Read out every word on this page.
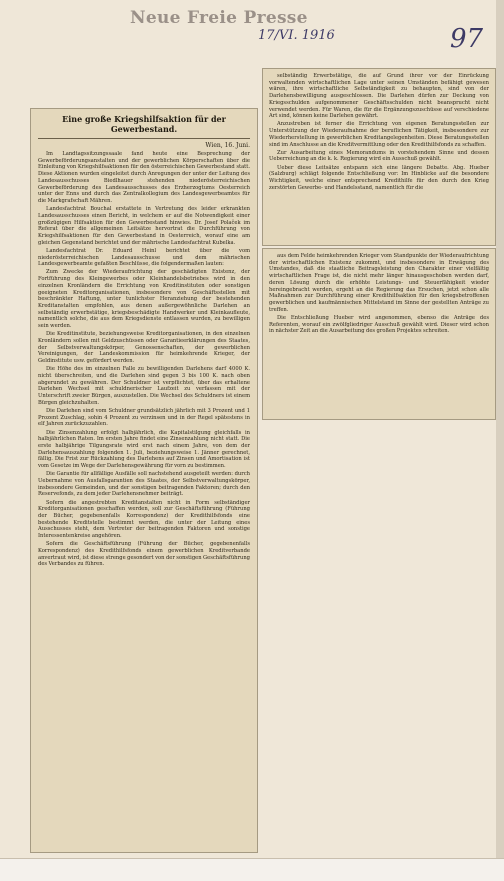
Neue Freie Presse
17/VI. 1916	97
Eine große Kriegshilfsaktion für der Gewerbestand.
Wien, 16. Juni.

Im Landtagssitzungssaale fand heute eine Besprechung der Gewerbeförderungsanstalten und der gewerblichen Körperschaften über die Einleitung von Kriegshilfsaktionen für den österreichischen Gewerbestand statt. Diese Aktionen wurden eingeleitet durch Anregungen der unter der Leitung des Landesausschusses Biedlhauer stehenden niederösterreichischen Gewerbeförderung des Landesausschusses des Erzherzogtums Oesterreich unter der Enns und durch das Zentralkollegium des Landesgewerbeamtes für die Markgrafschaft Mähren.

Landesfachtrat Bouchal erstattete in Vertretung des leider erkrankten Landesausschusses einen Bericht, in welchem er auf die Notwendigkeit einer großzügigen Hilfsaktion für den Gewerbestand hinwies. Dr. Josef Polaček im Referat über die allgemeinen Leitsätze hervortrat die Durchführung von Kriegshilfsaktionen für den Gewerbestand in Oesterreich, worauf eine am gleichen Gegenstand berichtet und der mährische Landesfachtrat Kubelka.

Landesfachtrat Dr. Eduard Heinl berichtet über die vom niederösterreichischen Landesausschusse und dem mährischen Landesgewerbeamte gefaßten Beschlüsse, die folgendermaßen lauten:

Zum Zwecke der Wiederaufrichtung der geschädigten Existenz, der Fortführung des Kleingewerbes oder Kleinhandelsbetriebes wird in den einzelnen Kronländern die Errichtung von Kreditinstituten oder sonstigen geeigneten Kreditorganisationen, insbesondere von Geschäftsstellen mit beschränkter Haftung, unter tunlichster Heranziehung der bestehenden Kreditanstalten empfohlen, aus denen außergewöhnliche Darlehen an selbständig erwerbstätige, kriegsbeschädigte Handwerker und Kleinkaufleute, namentlich solche, die aus dem Kriegsdienste entlassen wurden, zu bewilligen sein werden.

Die Kreditinstitute, beziehungsweise Kreditorganisationen, in den einzelnen Kronländern sollen mit Geldzuschüssen oder Garantieerklärungen des Staates, der Selbstverwaltungskörper, Genossenschaften, der gewerblichen Vereinigungen, der Landeskommission für heimkehrende Krieger, der Geldinstitute usw. gefördert werden.

Die Höhe des im einzelnen Falle zu bewilligenden Darlehens darf 4000 K. nicht überschreiten, und die Darlehen sind gegen 3 bis 100 K. nach oben abgerundet zu gewähren. Der Schuldner ist verpflichtet, über das erhaltene Darlehen Wechsel mit schuldnerischer Laufzeit zu verfassen mit der Unterschrift zweier Bürgen, auszustellen. Die Wechsel des Schuldners ist einem Bürgen gleichzuhalten.

Die Darlehen sind vom Schuldner grundsätzlich jährlich mit 3 Prozent und 1 Prozent Zuschlag, sohin 4 Prozent zu verzinsen und in der Regel spätestens in elf Jahren zurückzuzahlen.

Die Zinsenzahlung erfolgt halbjährlich, die Kapitalstilgung gleichfalls in halbjährlichen Raten. Im ersten Jahre findet eine Zinsenzahlung nicht statt. Die erste halbjährige Tilgungsrate wird erst nach einem Jahre, von dem der Darlehensauszahlung folgenden 1. Juli, beziehungsweise 1. Jänner gerechnet, fällig. Die Frist zur Rückzahlung des Darlehens auf Zinsen und Amortisation ist vom Gesetze im Wege der Darlehensgewährung für vorn zu bestimmen.

Die Garantie für allfällige Ausfälle soll nachstehend ausgeteilt werden: durch Uebernahme von Ausfallsgarantien des Staates, der Selbstverwaltungskörper, insbesondere Gemeinden, und der sonstigen beitragenden Faktoren; durch den Reservefonds, zu dem jeder Darlehensnehmer beiträgt.

Sofern die angestrebten Kreditanstalten nicht in Form selbständiger Kreditorganisationen geschaffen werden, soll zur Geschäftsführung (Führung der Bücher, gegebenenfalls Korrespondenz) der Kredithilfsfonds eine bestehende Kreditstelle bestimmt werden, die unter der Leitung eines Ausschusses steht, dem Vertreter der beitragenden Faktoren und sonstige Interessentenkreise angehören.

Sofern die Geschäftsführung (Führung der Bücher, gegebenenfalls Korrespondenz) des Kredithilfsfonds einem gewerblichen Kreditverbande anvertraut wird, ist diese strenge gesondert von der sonstigen Geschäftsführung des Verbandes zu führen.

selbständig Erwerbstätige, die auf Grund ihrer vor der Einrückung vorwaltenden wirtschaftlichen Lage unter seinen Umständen befähigt gewesen wären, ihre wirtschaftliche Selbständigkeit zu behaupten, sind von der Darlehensbewilligung ausgeschlossen. Die Darlehen dürfen zur Deckung von Kriegsschulden aufgenommener Geschäftsschulden nicht beansprucht nicht verwendet werden. Für Waren, die für die Ergänzungszuschüsse auf verschiedene Art sind, können keine Darlehen gewährt.

Anzustreben ist ferner die Errichtung von eigenen Beratungsstellen zur Unterstützung der Wiederaufnahme der beruflichen Tätigkeit, insbesondere zur Wiederherstellung in gewerblichen Kreditangelegenheiten. Diese Beratungsstellen sind im Anschlusse an die Kreditvermittlung oder den Kredithilfsfonds zu schaffen.

Zur Ausarbeitung eines Memorandums in vorstehendem Sinne und dessen Ueberreichung an die k. k. Regierung wird ein Ausschuß gewählt.

Ueber diese Leitsätze entspann sich eine längere Debatte. Abg. Hueber (Salzburg) schlägt folgende Entschließung vor: Im Hinblicke auf die besondere Wichtigkeit, welche einer entsprechend Kredithilfe für den durch den Krieg zerstörten Gewerbe- und Handelsstand, namentlich für die

aus dem Felde heimkehrenden Krieger vom Standpunkte der Wiederaufrichtung der wirtschaftlichen Existenz zukommt, und insbesondere in Erwägung des Umstandes, daß die staatliche Beitragsleistung den Charakter einer vielfältig wirtschaftlichen Frage ist, die nicht mehr länger hinausgeschoben werden darf, deren Lösung durch die erhöhte Leistungs- und Steuerfähigkeit wieder hereingebracht werden, ergeht an die Regierung das Ersuchen, jetzt schon alle Maßnahmen zur Durchführung einer Kredithilfsaktion für den kriegsbetroffenen gewerblichen und kaufmännischen Mittelstand im Sinne der gestellten Anträge zu treffen.

Die Entschließung Hueber wird angenommen, ebenso die Anträge des Referenten, worauf ein zwölfgliedriger Ausschuß gewählt wird. Dieser wird schon in nächster Zeit an die Ausarbeitung des großen Projektes schreiten.
